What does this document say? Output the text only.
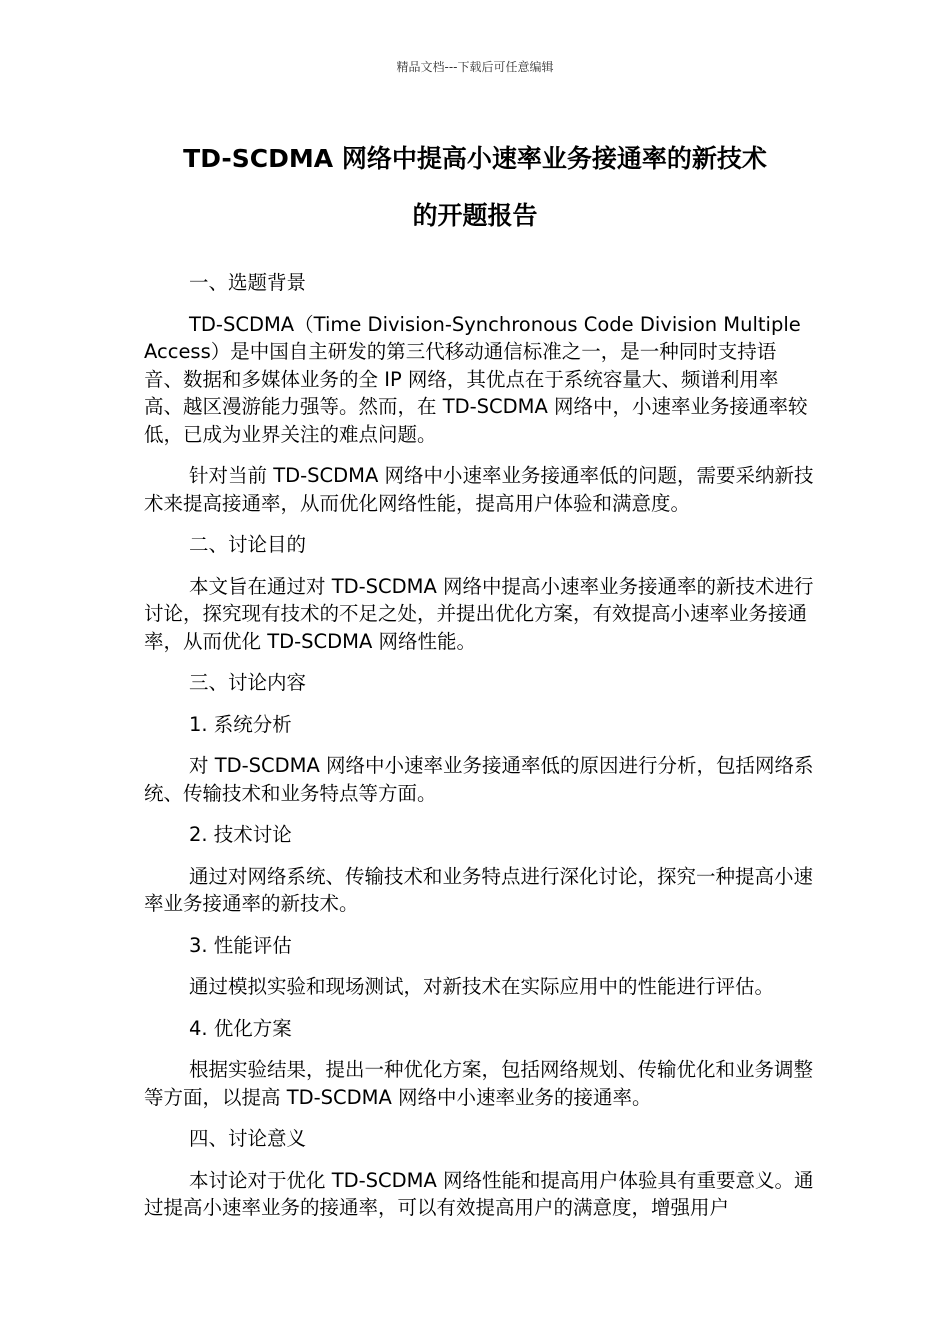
精品文档---下载后可任意编辑
TD-SCDMA 网络中提高小速率业务接通率的新技术
的开题报告

一、选题背景

TD-SCDMA（Time Division-Synchronous Code Division Multiple Access）是中国自主研发的第三代移动通信标准之一，是一种同时支持语音、数据和多媒体业务的全 IP 网络，其优点在于系统容量大、频谱利用率高、越区漫游能力强等。然而，在 TD-SCDMA 网络中，小速率业务接通率较低，已成为业界关注的难点问题。

针对当前 TD-SCDMA 网络中小速率业务接通率低的问题，需要采纳新技术来提高接通率，从而优化网络性能，提高用户体验和满意度。

二、讨论目的

本文旨在通过对 TD-SCDMA 网络中提高小速率业务接通率的新技术进行讨论，探究现有技术的不足之处，并提出优化方案，有效提高小速率业务接通率，从而优化 TD-SCDMA 网络性能。

三、讨论内容

1. 系统分析

对 TD-SCDMA 网络中小速率业务接通率低的原因进行分析，包括网络系统、传输技术和业务特点等方面。

2. 技术讨论

通过对网络系统、传输技术和业务特点进行深化讨论，探究一种提高小速率业务接通率的新技术。

3. 性能评估

通过模拟实验和现场测试，对新技术在实际应用中的性能进行评估。

4. 优化方案

根据实验结果，提出一种优化方案，包括网络规划、传输优化和业务调整等方面，以提高 TD-SCDMA 网络中小速率业务的接通率。

四、讨论意义

本讨论对于优化 TD-SCDMA 网络性能和提高用户体验具有重要意义。通过提高小速率业务的接通率，可以有效提高用户的满意度，增强用户
